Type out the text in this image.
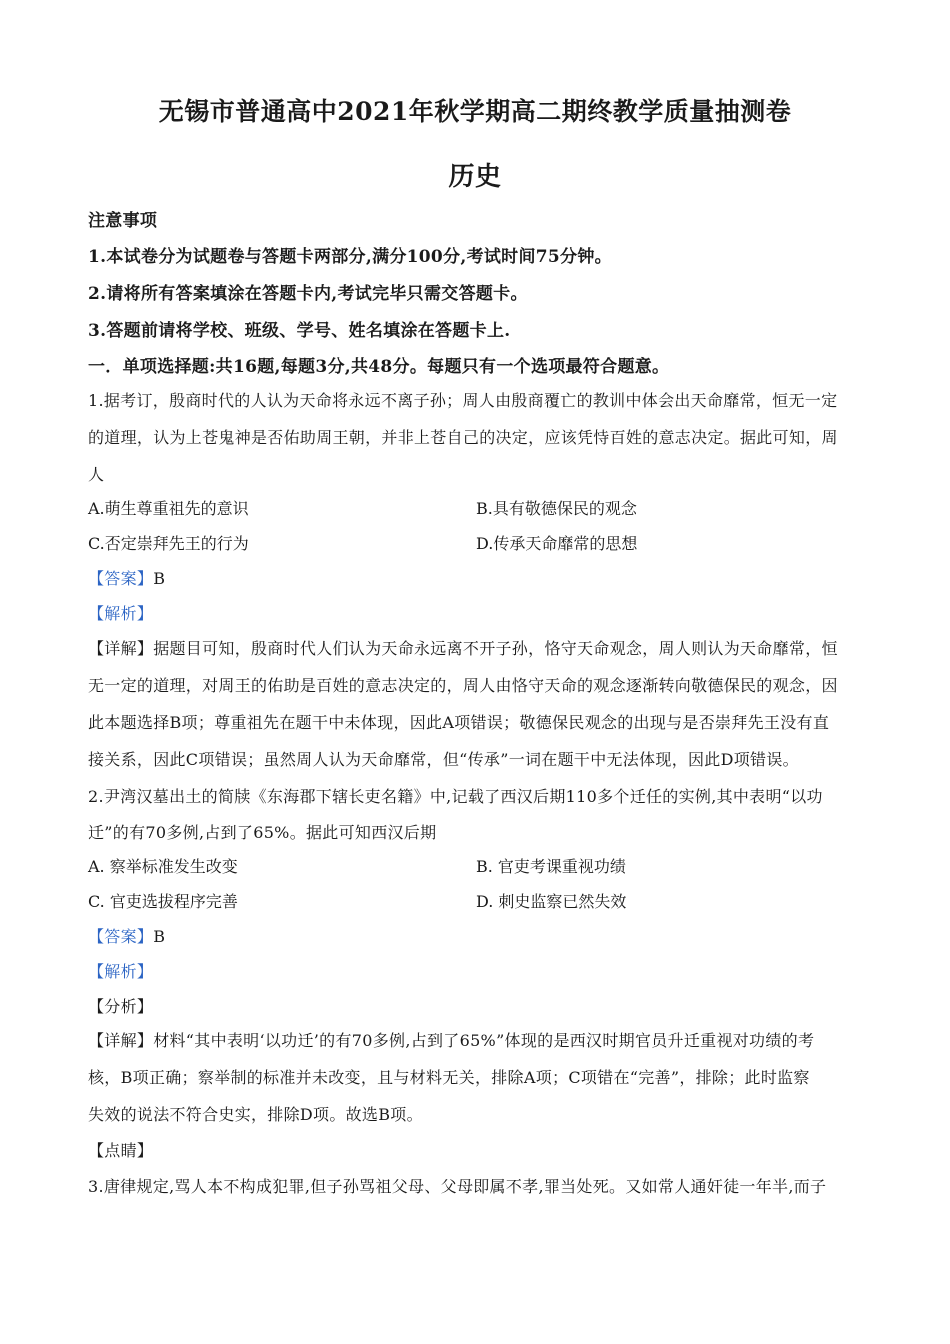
无锡市普通高中2021年秋学期高二期终教学质量抽测卷
历史
注意事项
1.本试卷分为试题卷与答题卡两部分,满分100分,考试时间75分钟。
2.请将所有答案填涂在答题卡内,考试完毕只需交答题卡。
3.答题前请将学校、班级、学号、姓名填涂在答题卡上.
一．单项选择题:共16题,每题3分,共48分。每题只有一个选项最符合题意。
1.据考订，殷商时代的人认为天命将永远不离子孙；周人由殷商覆亡的教训中体会出天命靡常，恒无一定
的道理，认为上苍鬼神是否佑助周王朝，并非上苍自己的决定，应该凭恃百姓的意志决定。据此可知，周
人
A.萌生尊重祖先的意识	B.具有敬德保民的观念
C.否定崇拜先王的行为	D.传承天命靡常的思想
【答案】B
【解析】
【详解】据题目可知，殷商时代人们认为天命永远离不开子孙，恪守天命观念，周人则认为天命靡常，恒
无一定的道理，对周王的佑助是百姓的意志决定的，周人由恪守天命的观念逐渐转向敬德保民的观念，因
此本题选择B项；尊重祖先在题干中未体现，因此A项错误；敬德保民观念的出现与是否崇拜先王没有直
接关系，因此C项错误；虽然周人认为天命靡常，但“传承”一词在题干中无法体现，因此D项错误。
2.尹湾汉墓出土的简牍《东海郡下辖长吏名籍》中,记载了西汉后期110多个迁任的实例,其中表明“以功
迁”的有70多例,占到了65%。据此可知西汉后期
A. 察举标准发生改变	B. 官吏考课重视功绩
C. 官吏选拔程序完善	D. 刺史监察已然失效
【答案】B
【解析】
【分析】
【详解】材料“其中表明‘以功迁’的有70多例,占到了65%”体现的是西汉时期官员升迁重视对功绩的考
核，B项正确；察举制的标准并未改变，且与材料无关，排除A项；C项错在“完善”，排除；此时监察
失效的说法不符合史实，排除D项。故选B项。
【点睛】
3.唐律规定,骂人本不构成犯罪,但子孙骂祖父母、父母即属不孝,罪当处死。又如常人通奸徒一年半,而子
